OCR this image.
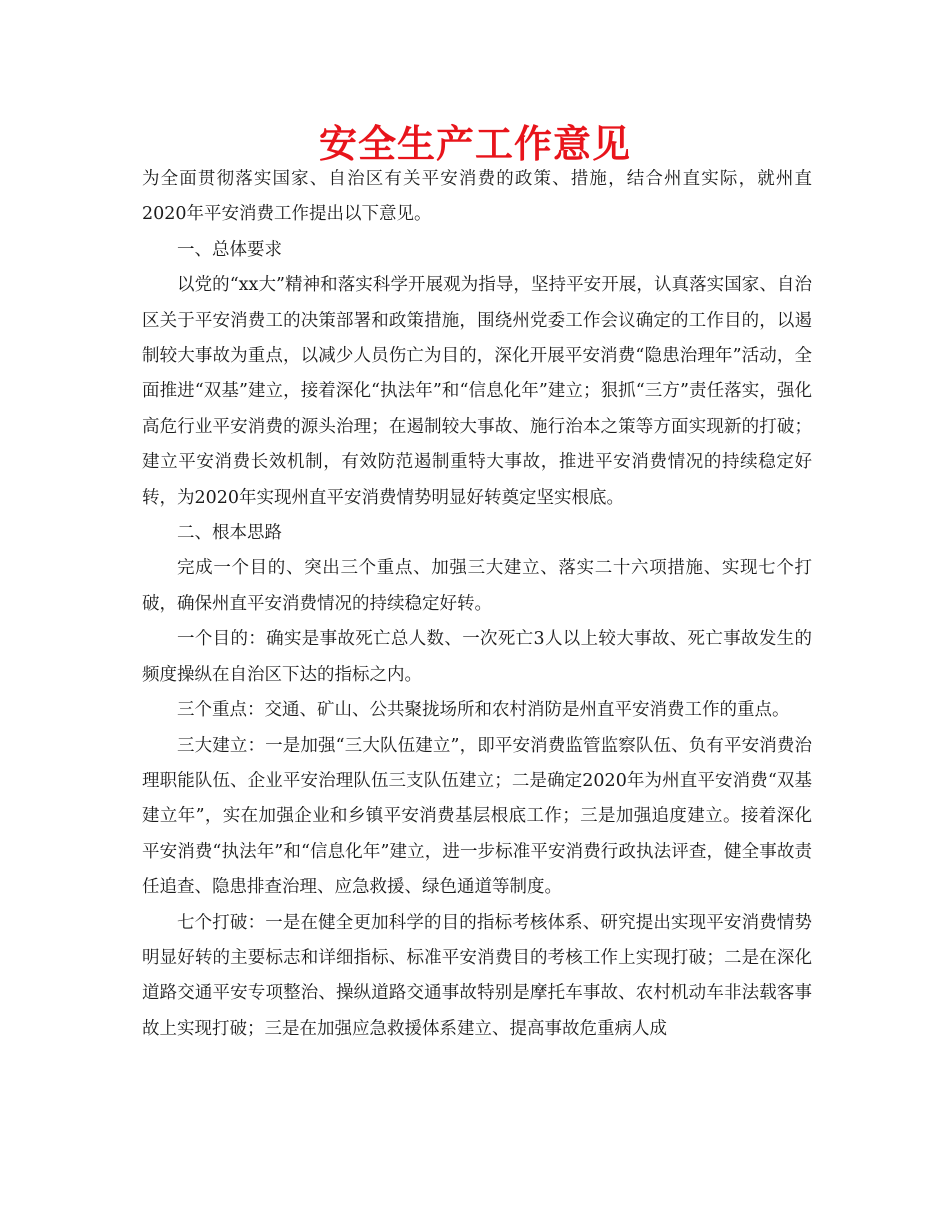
安全生产工作意见

为全面贯彻落实国家、自治区有关平安消费的政策、措施，结合州直实际，就州直2020年平安消费工作提出以下意见。

一、总体要求

以党的“xx大”精神和落实科学开展观为指导，坚持平安开展，认真落实国家、自治区关于平安消费工的决策部署和政策措施，围绕州党委工作会议确定的工作目的，以遏制较大事故为重点，以减少人员伤亡为目的，深化开展平安消费“隐患治理年”活动，全面推进“双基”建立，接着深化“执法年”和“信息化年”建立；狠抓“三方”责任落实，强化高危行业平安消费的源头治理；在遏制较大事故、施行治本之策等方面实现新的打破；建立平安消费长效机制，有效防范遏制重特大事故，推进平安消费情况的持续稳定好转，为2020年实现州直平安消费情势明显好转奠定坚实根底。

二、根本思路

完成一个目的、突出三个重点、加强三大建立、落实二十六项措施、实现七个打破，确保州直平安消费情况的持续稳定好转。

一个目的：确实是事故死亡总人数、一次死亡3人以上较大事故、死亡事故发生的频度操纵在自治区下达的指标之内。

三个重点：交通、矿山、公共聚拢场所和农村消防是州直平安消费工作的重点。

三大建立：一是加强“三大队伍建立”，即平安消费监管监察队伍、负有平安消费治理职能队伍、企业平安治理队伍三支队伍建立；二是确定2020年为州直平安消费“双基建立年”，实在加强企业和乡镇平安消费基层根底工作；三是加强追度建立。接着深化平安消费“执法年”和“信息化年”建立，进一步标准平安消费行政执法评查，健全事故责任追查、隐患排查治理、应急救援、绿色通道等制度。

七个打破：一是在健全更加科学的目的指标考核体系、研究提出实现平安消费情势明显好转的主要标志和详细指标、标准平安消费目的考核工作上实现打破；二是在深化道路交通平安专项整治、操纵道路交通事故特别是摩托车事故、农村机动车非法载客事故上实现打破；三是在加强应急救援体系建立、提高事故危重病人成
